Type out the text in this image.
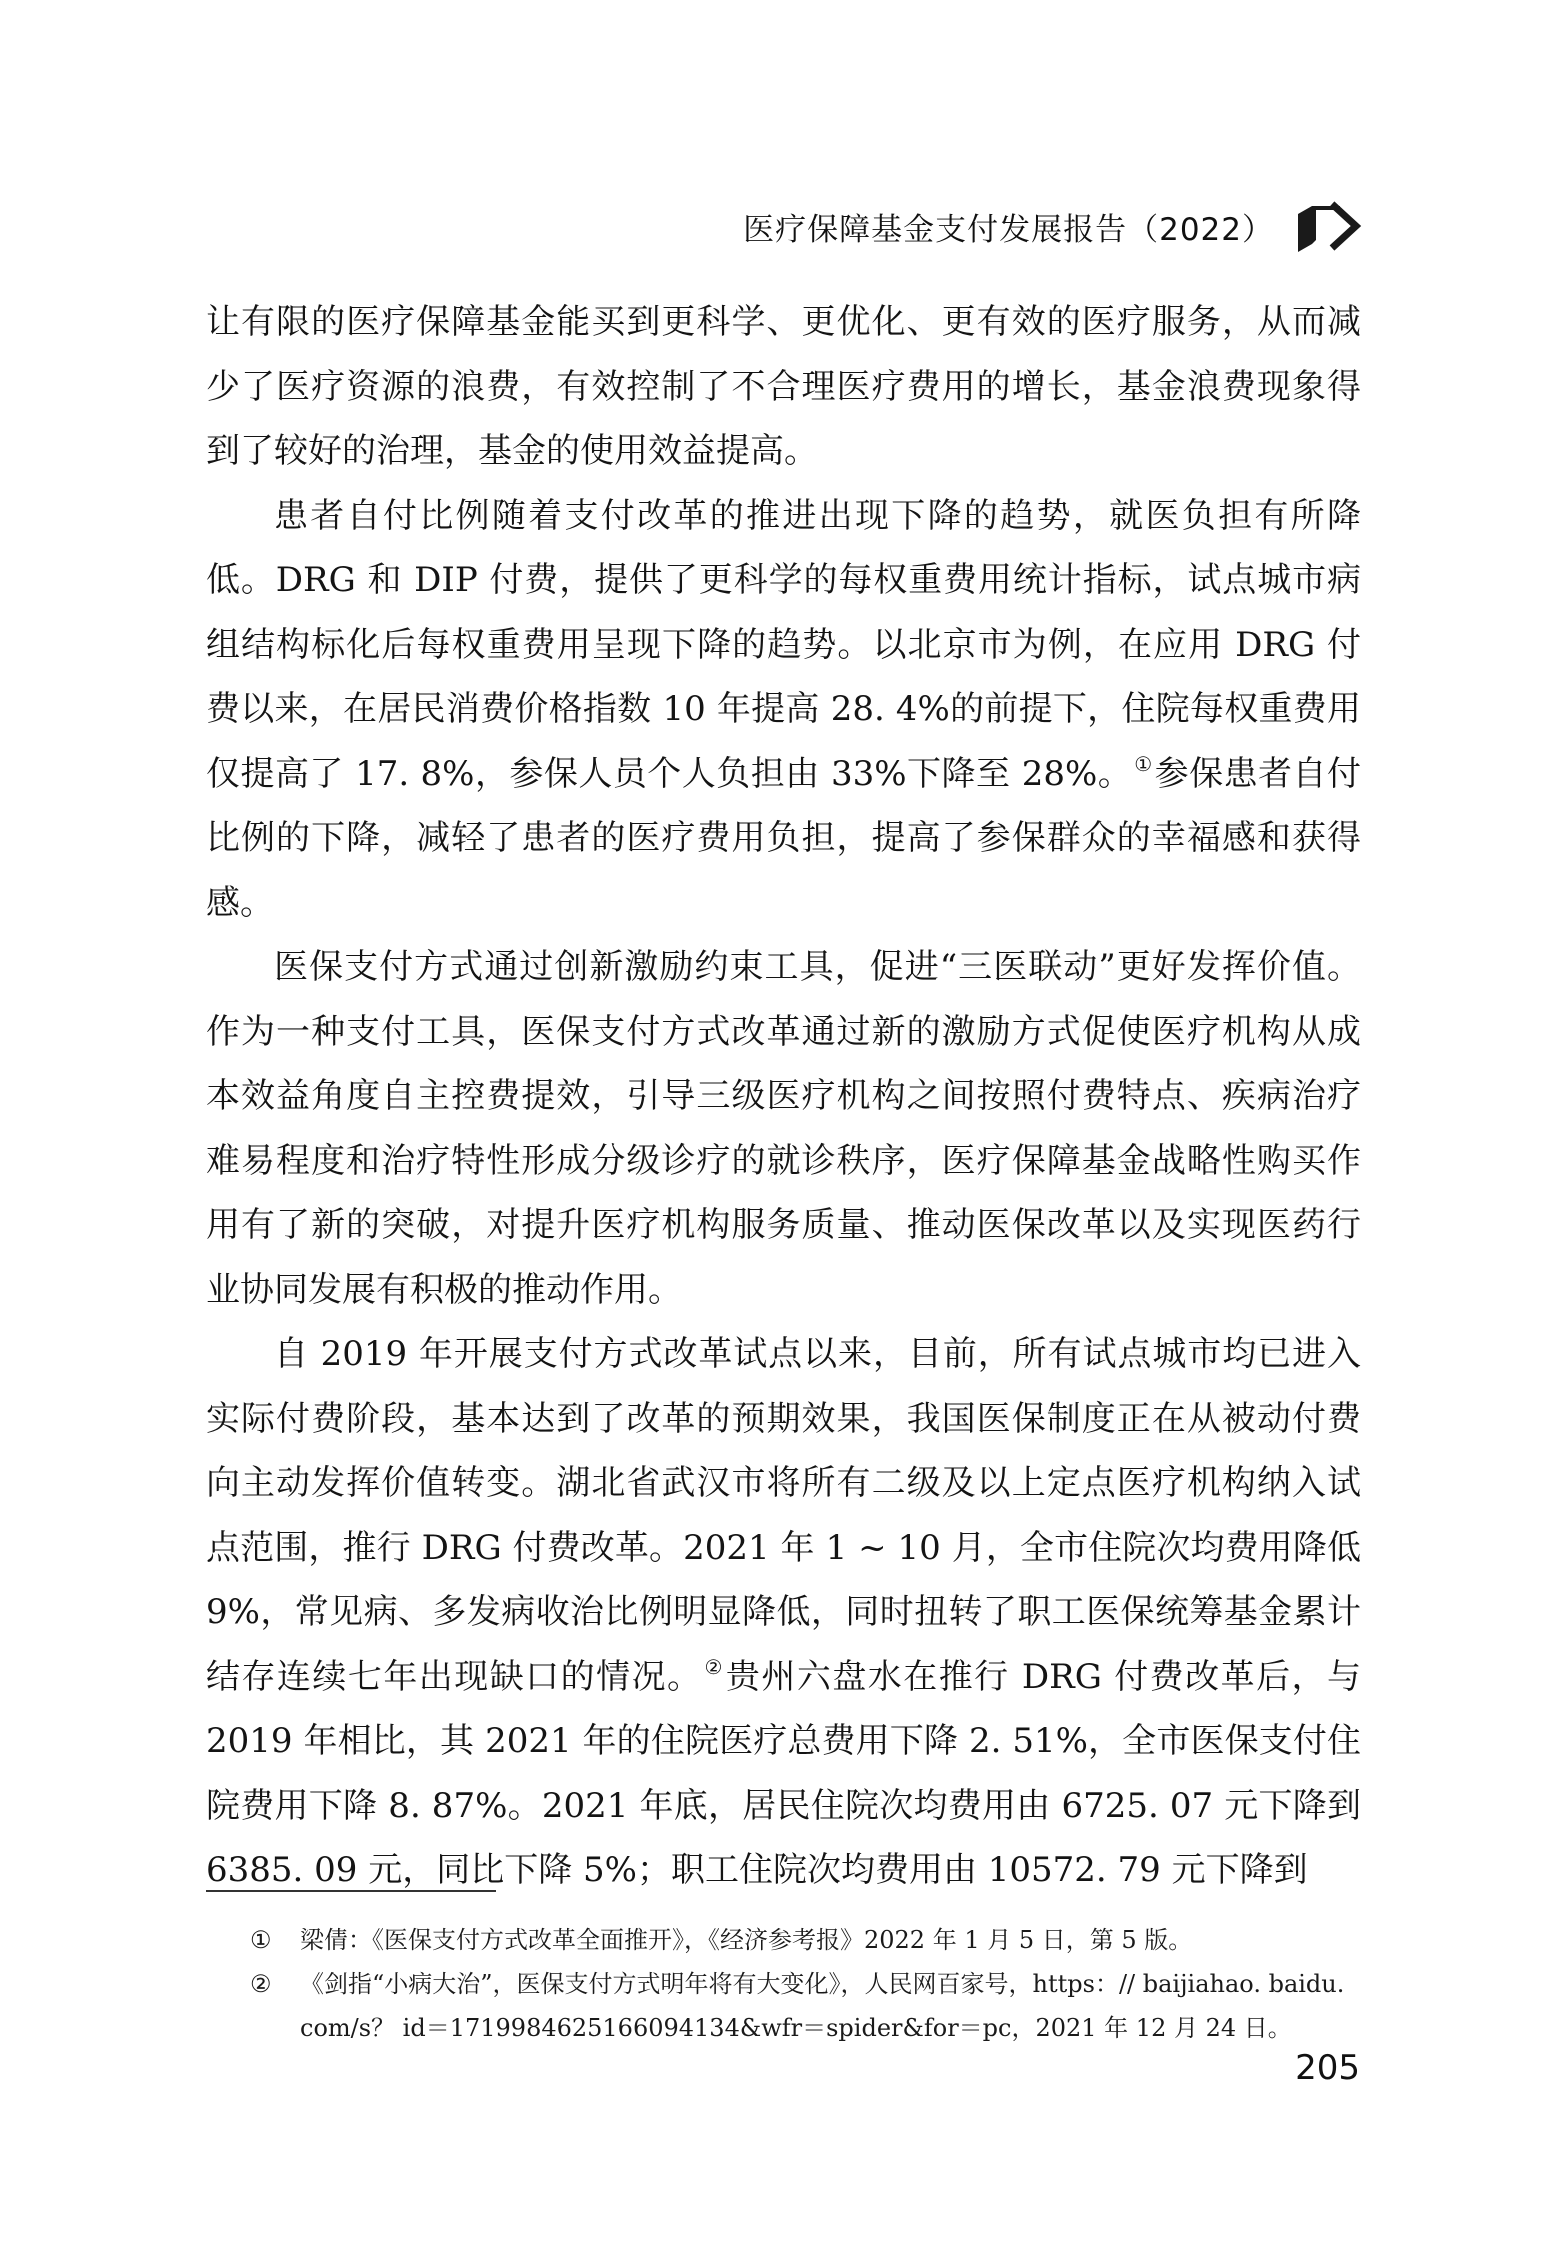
医疗保障基金支付发展报告（2022）

让有限的医疗保障基金能买到更科学、更优化、更有效的医疗服务，从而减少了医疗资源的浪费，有效控制了不合理医疗费用的增长，基金浪费现象得到了较好的治理，基金的使用效益提高。

患者自付比例随着支付改革的推进出现下降的趋势，就医负担有所降低。DRG 和 DIP 付费，提供了更科学的每权重费用统计指标，试点城市病组结构标化后每权重费用呈现下降的趋势。以北京市为例，在应用 DRG 付费以来，在居民消费价格指数 10 年提高 28. 4%的前提下，住院每权重费用仅提高了 17. 8%，参保人员个人负担由 33%下降至 28%。 ①参保患者自付比例的下降，减轻了患者的医疗费用负担，提高了参保群众的幸福感和获得感。

医保支付方式通过创新激励约束工具，促进“三医联动”更好发挥价值。作为一种支付工具，医保支付方式改革通过新的激励方式促使医疗机构从成本效益角度自主控费提效，引导三级医疗机构之间按照付费特点、疾病治疗难易程度和治疗特性形成分级诊疗的就诊秩序，医疗保障基金战略性购买作用有了新的突破，对提升医疗机构服务质量、推动医保改革以及实现医药行业协同发展有积极的推动作用。

自 2019 年开展支付方式改革试点以来，目前，所有试点城市均已进入实际付费阶段，基本达到了改革的预期效果，我国医保制度正在从被动付费向主动发挥价值转变。湖北省武汉市将所有二级及以上定点医疗机构纳入试点范围，推行 DRG 付费改革。2021 年 1 ~ 10 月，全市住院次均费用降低 9%，常见病、多发病收治比例明显降低，同时扭转了职工医保统筹基金累计结存连续七年出现缺口的情况。 ②贵州六盘水在推行 DRG 付费改革后，与 2019 年相比，其 2021 年的住院医疗总费用下降 2. 51%，全市医保支付住院费用下降 8. 87%。2021 年底，居民住院次均费用由 6725. 07 元下降到 6385. 09 元，同比下降 5%；职工住院次均费用由 10572. 79 元下降到

①	梁倩：《医保支付方式改革全面推开》，《经济参考报》2022 年 1 月 5 日，第 5 版。
②	《剑指“小病大治”，医保支付方式明年将有大变化》，人民网百家号，https：// baijiahao. baidu. com/s？ id＝1719984625166094134&wfr＝spider&for＝pc，2021 年 12 月 24 日。
205
